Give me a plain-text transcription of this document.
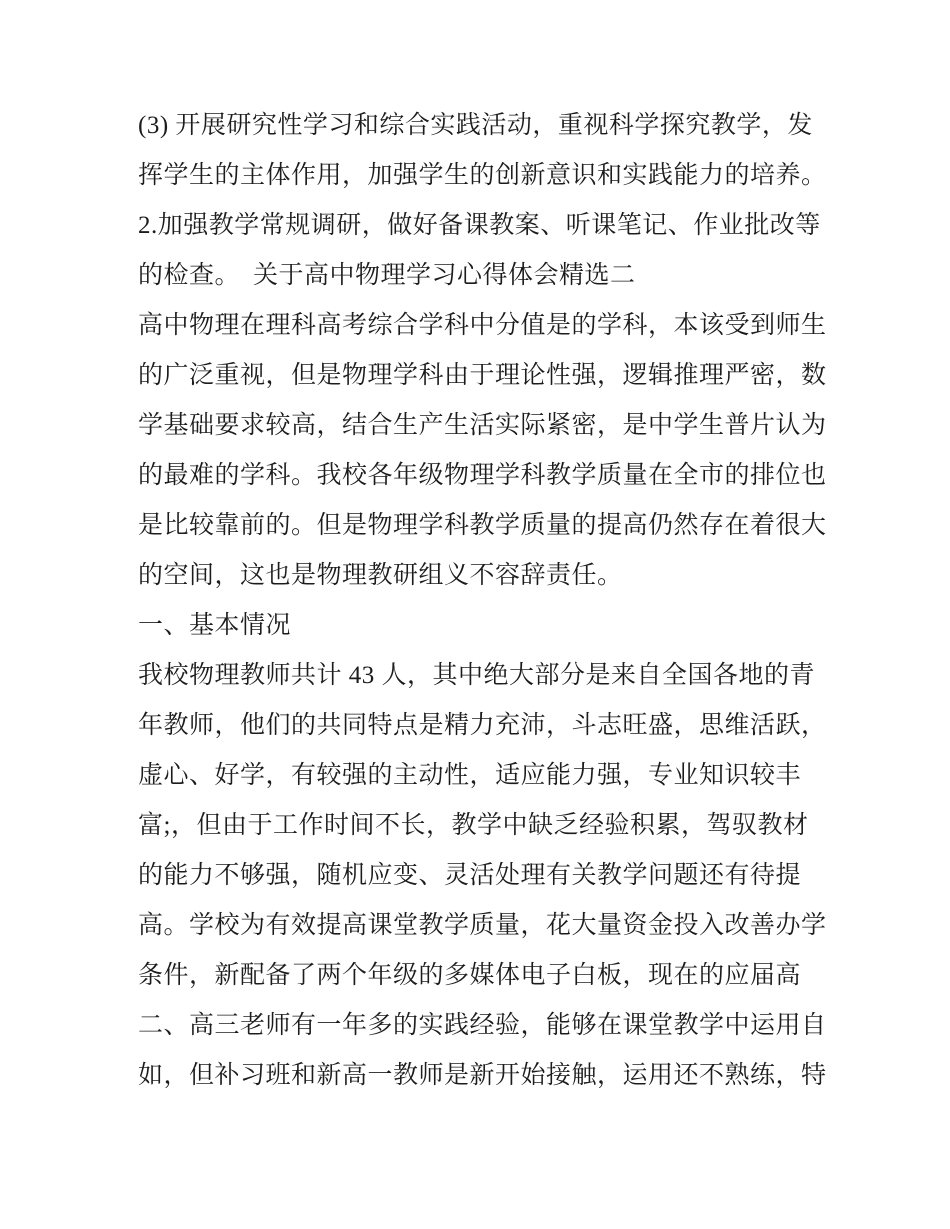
(3) 开展研究性学习和综合实践活动，重视科学探究教学，发

挥学生的主体作用，加强学生的创新意识和实践能力的培养。

2.加强教学常规调研，做好备课教案、听课笔记、作业批改等

的检查。　关于高中物理学习心得体会精选二

高中物理在理科高考综合学科中分值是的学科，本该受到师生

的广泛重视，但是物理学科由于理论性强，逻辑推理严密，数

学基础要求较高，结合生产生活实际紧密，是中学生普片认为

的最难的学科。我校各年级物理学科教学质量在全市的排位也

是比较靠前的。但是物理学科教学质量的提高仍然存在着很大

的空间，这也是物理教研组义不容辞责任。

一、基本情况

我校物理教师共计 43 人，其中绝大部分是来自全国各地的青

年教师，他们的共同特点是精力充沛，斗志旺盛，思维活跃，

虚心、好学，有较强的主动性，适应能力强，专业知识较丰

富;，但由于工作时间不长，教学中缺乏经验积累，驾驭教材

的能力不够强，随机应变、灵活处理有关教学问题还有待提

高。学校为有效提高课堂教学质量，花大量资金投入改善办学

条件，新配备了两个年级的多媒体电子白板，现在的应届高

二、高三老师有一年多的实践经验，能够在课堂教学中运用自

如，但补习班和新高一教师是新开始接触，运用还不熟练，特
